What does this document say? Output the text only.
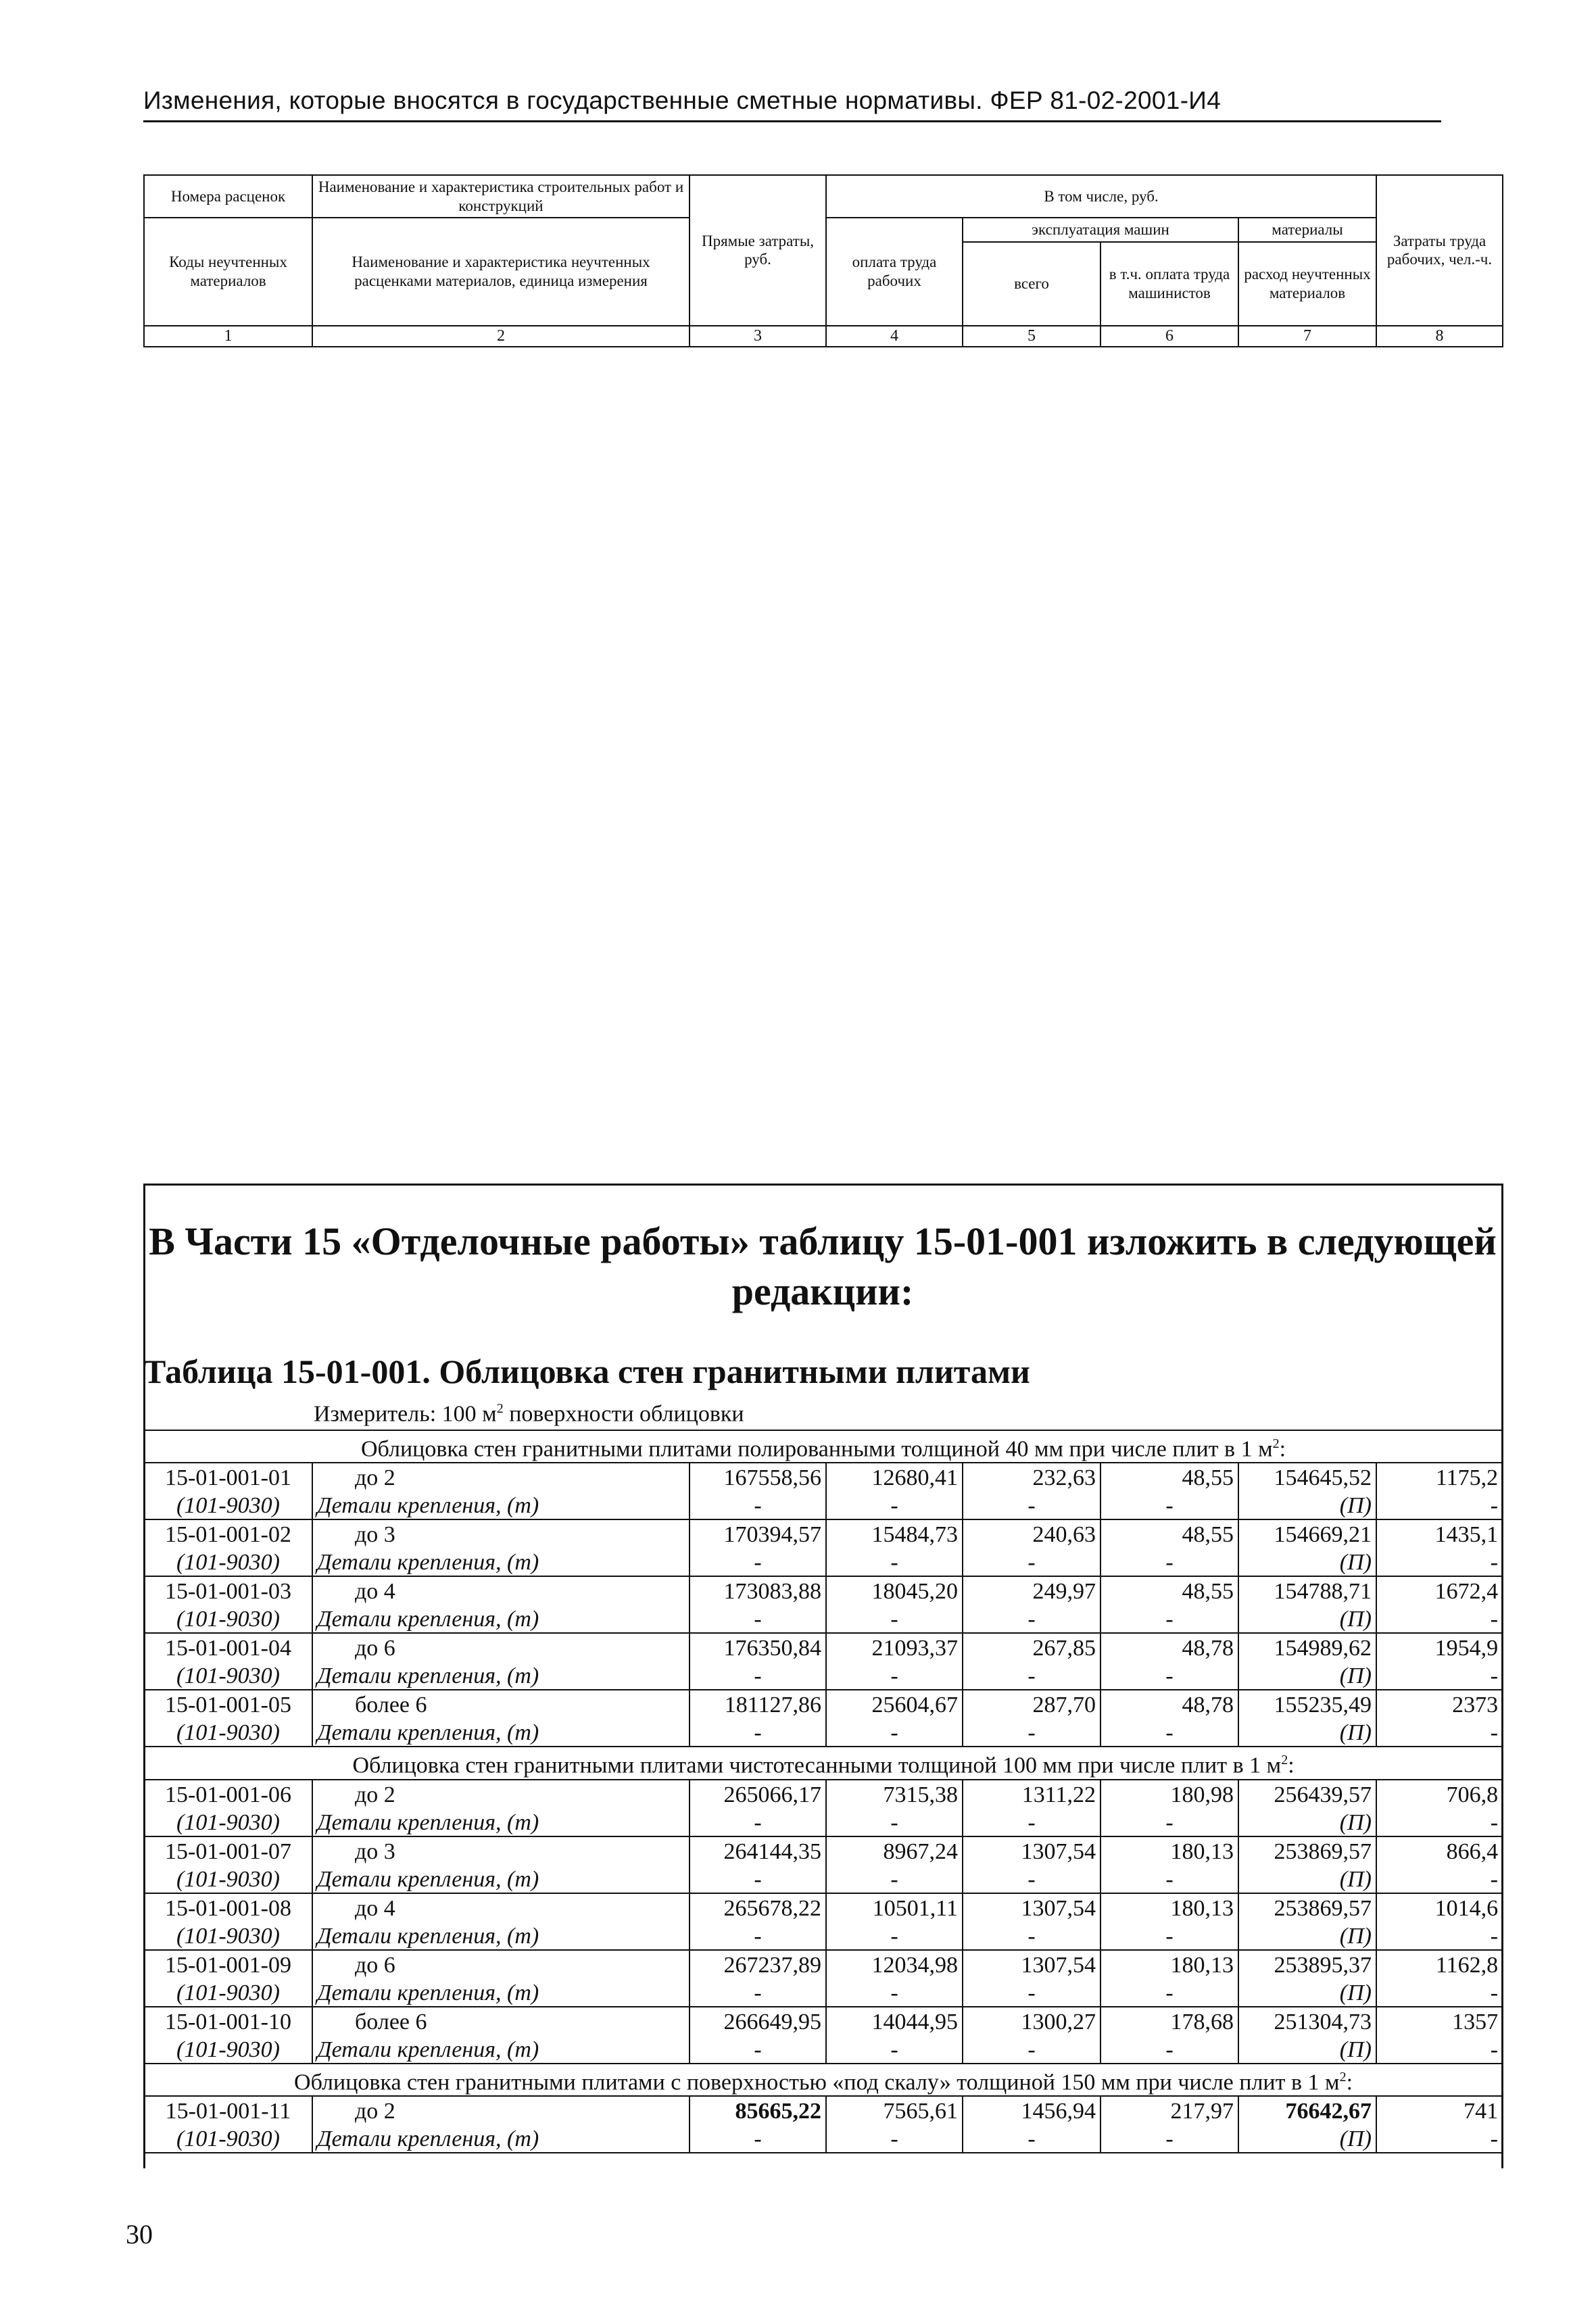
Изменения, которые вносятся в государственные сметные нормативы. ФЕР 81-02-2001-И4
Номера расценок	Наименование и характеристика строительных работ и конструкций	Прямые затраты, руб.	В том числе, руб.				Затраты труда рабочих, чел.-ч.
Коды неучтенных материалов	Наименование и характеристика неучтенных расценками материалов, единица измерения		оплата труда рабочих	эксплуатация машин		материалы	
				всего	в т.ч. оплата труда машинистов	расход неучтенных материалов	
1	2	3	4	5	6	7	8
В Части 15 «Отделочные работы» таблицу 15-01-001 изложить в следующей редакции:
Таблица 15-01-001. Облицовка стен гранитными плитами
Измеритель: 100 $м^2$ поверхности облицовки
Облицовка стен гранитными плитами полированными толщиной 40 мм при числе плит в 1 $м^2$:							
15-01-001-01	до 2	167558,56	12680,41	232,63	48,55	154645,52	1175,2
(101-9030)	Детали крепления, (т)	-	-	-	-	(П)	-
15-01-001-02	до 3	170394,57	15484,73	240,63	48,55	154669,21	1435,1
(101-9030)	Детали крепления, (т)	-	-	-	-	(П)	-
15-01-001-03	до 4	173083,88	18045,20	249,97	48,55	154788,71	1672,4
(101-9030)	Детали крепления, (т)	-	-	-	-	(П)	-
15-01-001-04	до 6	176350,84	21093,37	267,85	48,78	154989,62	1954,9
(101-9030)	Детали крепления, (т)	-	-	-	-	(П)	-
15-01-001-05	более 6	181127,86	25604,67	287,70	48,78	155235,49	2373
(101-9030)	Детали крепления, (т)	-	-	-	-	(П)	-
Облицовка стен гранитными плитами чистотесанными толщиной 100 мм при числе плит в 1 $м^2$:							
15-01-001-06	до 2	265066,17	7315,38	1311,22	180,98	256439,57	706,8
(101-9030)	Детали крепления, (т)	-	-	-	-	(П)	-
15-01-001-07	до 3	264144,35	8967,24	1307,54	180,13	253869,57	866,4
(101-9030)	Детали крепления, (т)	-	-	-	-	(П)	-
15-01-001-08	до 4	265678,22	10501,11	1307,54	180,13	253869,57	1014,6
(101-9030)	Детали крепления, (т)	-	-	-	-	(П)	-
15-01-001-09	до 6	267237,89	12034,98	1307,54	180,13	253895,37	1162,8
(101-9030)	Детали крепления, (т)	-	-	-	-	(П)	-
15-01-001-10	более 6	266649,95	14044,95	1300,27	178,68	251304,73	1357
(101-9030)	Детали крепления, (т)	-	-	-	-	(П)	-
Облицовка стен гранитными плитами с поверхностью «под скалу» толщиной 150 мм при числе плит в 1 $м^2$:							
15-01-001-11	до 2	85665,22	7565,61	1456,94	217,97	76642,67	741
(101-9030)	Детали крепления, (т)	-	-	-	-	(П)	-
30
